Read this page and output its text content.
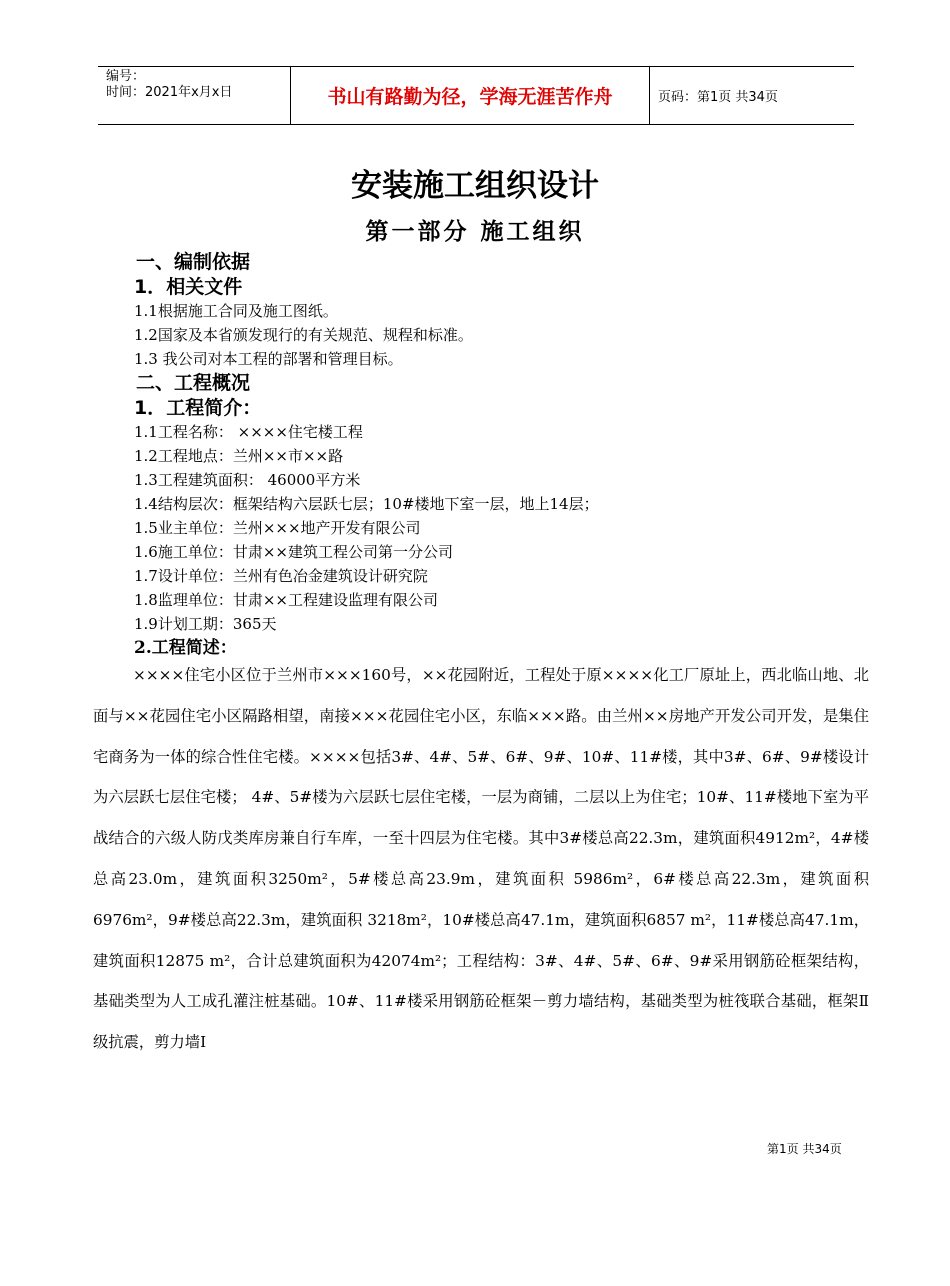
编号：
时间：2021年x月x日	书山有路勤为径，学海无涯苦作舟	页码：第1页 共34页
安装施工组织设计
第一部分 施工组织
一、编制依据
1．相关文件
1.1根据施工合同及施工图纸。
1.2国家及本省颁发现行的有关规范、规程和标准。
1.3 我公司对本工程的部署和管理目标。
二、工程概况
1．工程简介：
1.1工程名称： ××××住宅楼工程
1.2工程地点：兰州××市××路
1.3工程建筑面积： 46000平方米
1.4结构层次：框架结构六层跃七层；10#楼地下室一层，地上14层；
1.5业主单位：兰州×××地产开发有限公司
1.6施工单位：甘肃××建筑工程公司第一分公司
1.7设计单位：兰州有色冶金建筑设计研究院
1.8监理单位：甘肃××工程建设监理有限公司
1.9计划工期：365天
2.工程简述：

××××住宅小区位于兰州市×××160号，××花园附近，工程处于原××××化工厂原址上，西北临山地、北面与××花园住宅小区隔路相望，南接×××花园住宅小区，东临×××路。由兰州××房地产开发公司开发，是集住宅商务为一体的综合性住宅楼。××××包括3#、4#、5#、6#、9#、10#、11#楼，其中3#、6#、9#楼设计为六层跃七层住宅楼； 4#、5#楼为六层跃七层住宅楼，一层为商铺，二层以上为住宅；10#、11#楼地下室为平战结合的六级人防戊类库房兼自行车库，一至十四层为住宅楼。其中3#楼总高22.3m，建筑面积4912m²，4#楼总高23.0m，建筑面积3250m²，5#楼总高23.9m，建筑面积 5986m²，6#楼总高22.3m，建筑面积 6976m²，9#楼总高22.3m，建筑面积 3218m²，10#楼总高47.1m，建筑面积6857 m²，11#楼总高47.1m，建筑面积12875 m²，合计总建筑面积为42074m²；工程结构：3#、4#、5#、6#、9#采用钢筋砼框架结构，基础类型为人工成孔灌注桩基础。10#、11#楼采用钢筋砼框架－剪力墙结构，基础类型为桩筏联合基础，框架Ⅱ级抗震，剪力墙Ⅰ

第1页 共34页
